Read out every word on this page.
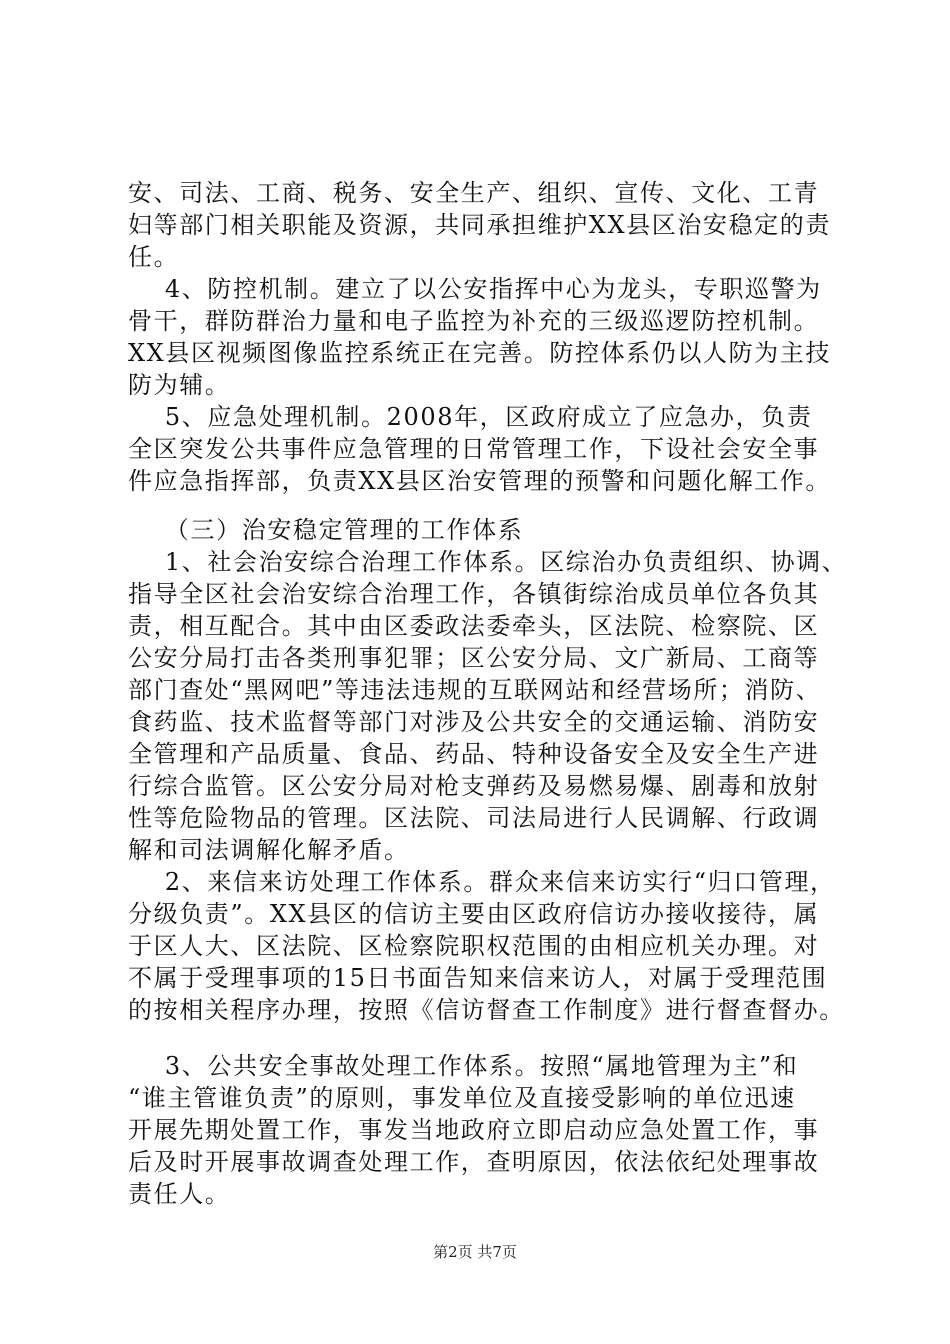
安、司法、工商、税务、安全生产、组织、宣传、文化、工青
妇等部门相关职能及资源，共同承担维护XX县区治安稳定的责
任。
4、防控机制。建立了以公安指挥中心为龙头，专职巡警为
骨干，群防群治力量和电子监控为补充的三级巡逻防控机制。
XX县区视频图像监控系统正在完善。防控体系仍以人防为主技
防为辅。
5、应急处理机制。2008年，区政府成立了应急办，负责
全区突发公共事件应急管理的日常管理工作，下设社会安全事
件应急指挥部，负责XX县区治安管理的预警和问题化解工作。
（三）治安稳定管理的工作体系
1、社会治安综合治理工作体系。区综治办负责组织、协调、
指导全区社会治安综合治理工作，各镇街综治成员单位各负其
责，相互配合。其中由区委政法委牵头，区法院、检察院、区
公安分局打击各类刑事犯罪；区公安分局、文广新局、工商等
部门查处“黑网吧”等违法违规的互联网站和经营场所；消防、
食药监、技术监督等部门对涉及公共安全的交通运输、消防安
全管理和产品质量、食品、药品、特种设备安全及安全生产进
行综合监管。区公安分局对枪支弹药及易燃易爆、剧毒和放射
性等危险物品的管理。区法院、司法局进行人民调解、行政调
解和司法调解化解矛盾。
2、来信来访处理工作体系。群众来信来访实行“归口管理，
分级负责”。XX县区的信访主要由区政府信访办接收接待，属
于区人大、区法院、区检察院职权范围的由相应机关办理。对
不属于受理事项的15日书面告知来信来访人，对属于受理范围
的按相关程序办理，按照《信访督查工作制度》进行督查督办。
3、公共安全事故处理工作体系。按照“属地管理为主”和
“谁主管谁负责”的原则，事发单位及直接受影响的单位迅速
开展先期处置工作，事发当地政府立即启动应急处置工作，事
后及时开展事故调查处理工作，查明原因，依法依纪处理事故
责任人。
第2页 共7页
